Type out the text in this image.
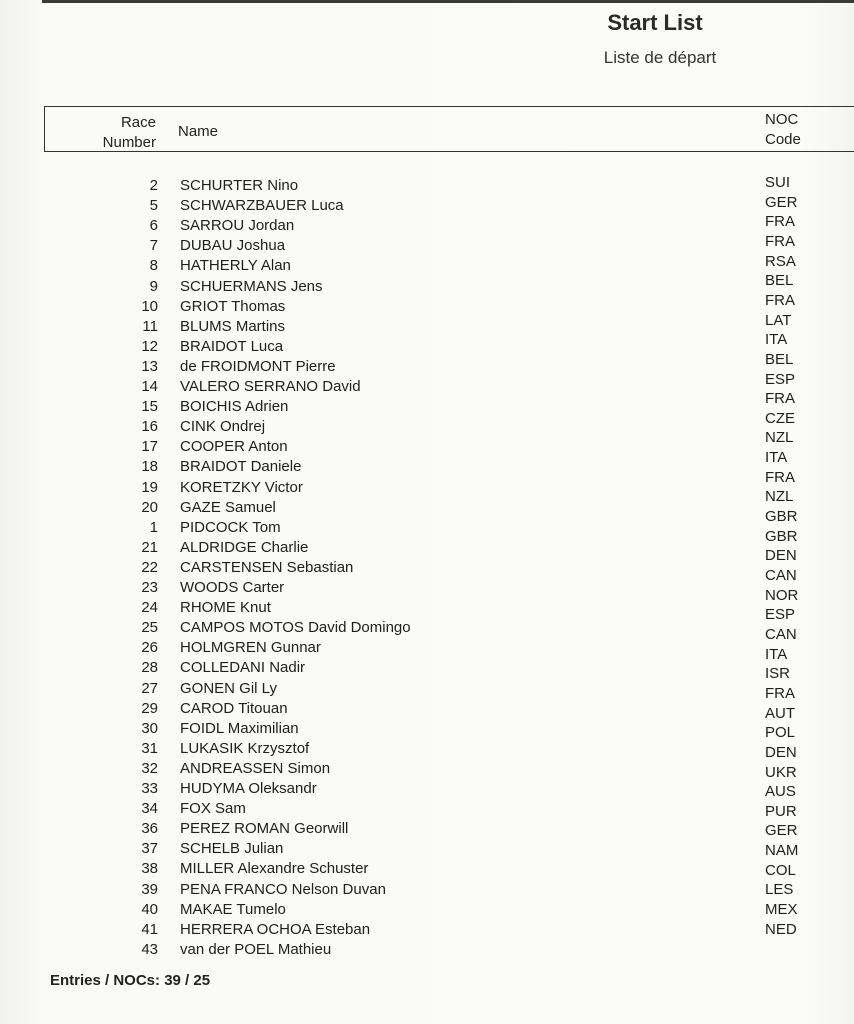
Start List
Liste de départ
Race
Number
Name
NOC
Code
2 SCHURTER Nino
5 SCHWARZBAUER Luca
6 SARROU Jordan
7 DUBAU Joshua
8 HATHERLY Alan
9 SCHUERMANS Jens
10 GRIOT Thomas
11 BLUMS Martins
12 BRAIDOT Luca
13 de FROIDMONT Pierre
14 VALERO SERRANO David
15 BOICHIS Adrien
16 CINK Ondrej
17 COOPER Anton
18 BRAIDOT Daniele
19 KORETZKY Victor
20 GAZE Samuel
1 PIDCOCK Tom
21 ALDRIDGE Charlie
22 CARSTENSEN Sebastian
23 WOODS Carter
24 RHOME Knut
25 CAMPOS MOTOS David Domingo
26 HOLMGREN Gunnar
28 COLLEDANI Nadir
27 GONEN Gil Ly
29 CAROD Titouan
30 FOIDL Maximilian
31 LUKASIK Krzysztof
32 ANDREASSEN Simon
33 HUDYMA Oleksandr
34 FOX Sam
36 PEREZ ROMAN Georwill
37 SCHELB Julian
38 MILLER Alexandre Schuster
39 PENA FRANCO Nelson Duvan
40 MAKAE Tumelo
41 HERRERA OCHOA Esteban
43 van der POEL Mathieu
SUI
GER
FRA
FRA
RSA
BEL
FRA
LAT
ITA
BEL
ESP
FRA
CZE
NZL
ITA
FRA
NZL
GBR
GBR
DEN
CAN
NOR
ESP
CAN
ITA
ISR
FRA
AUT
POL
DEN
UKR
AUS
PUR
GER
NAM
COL
LES
MEX
NED
Entries / NOCs: 39 / 25
